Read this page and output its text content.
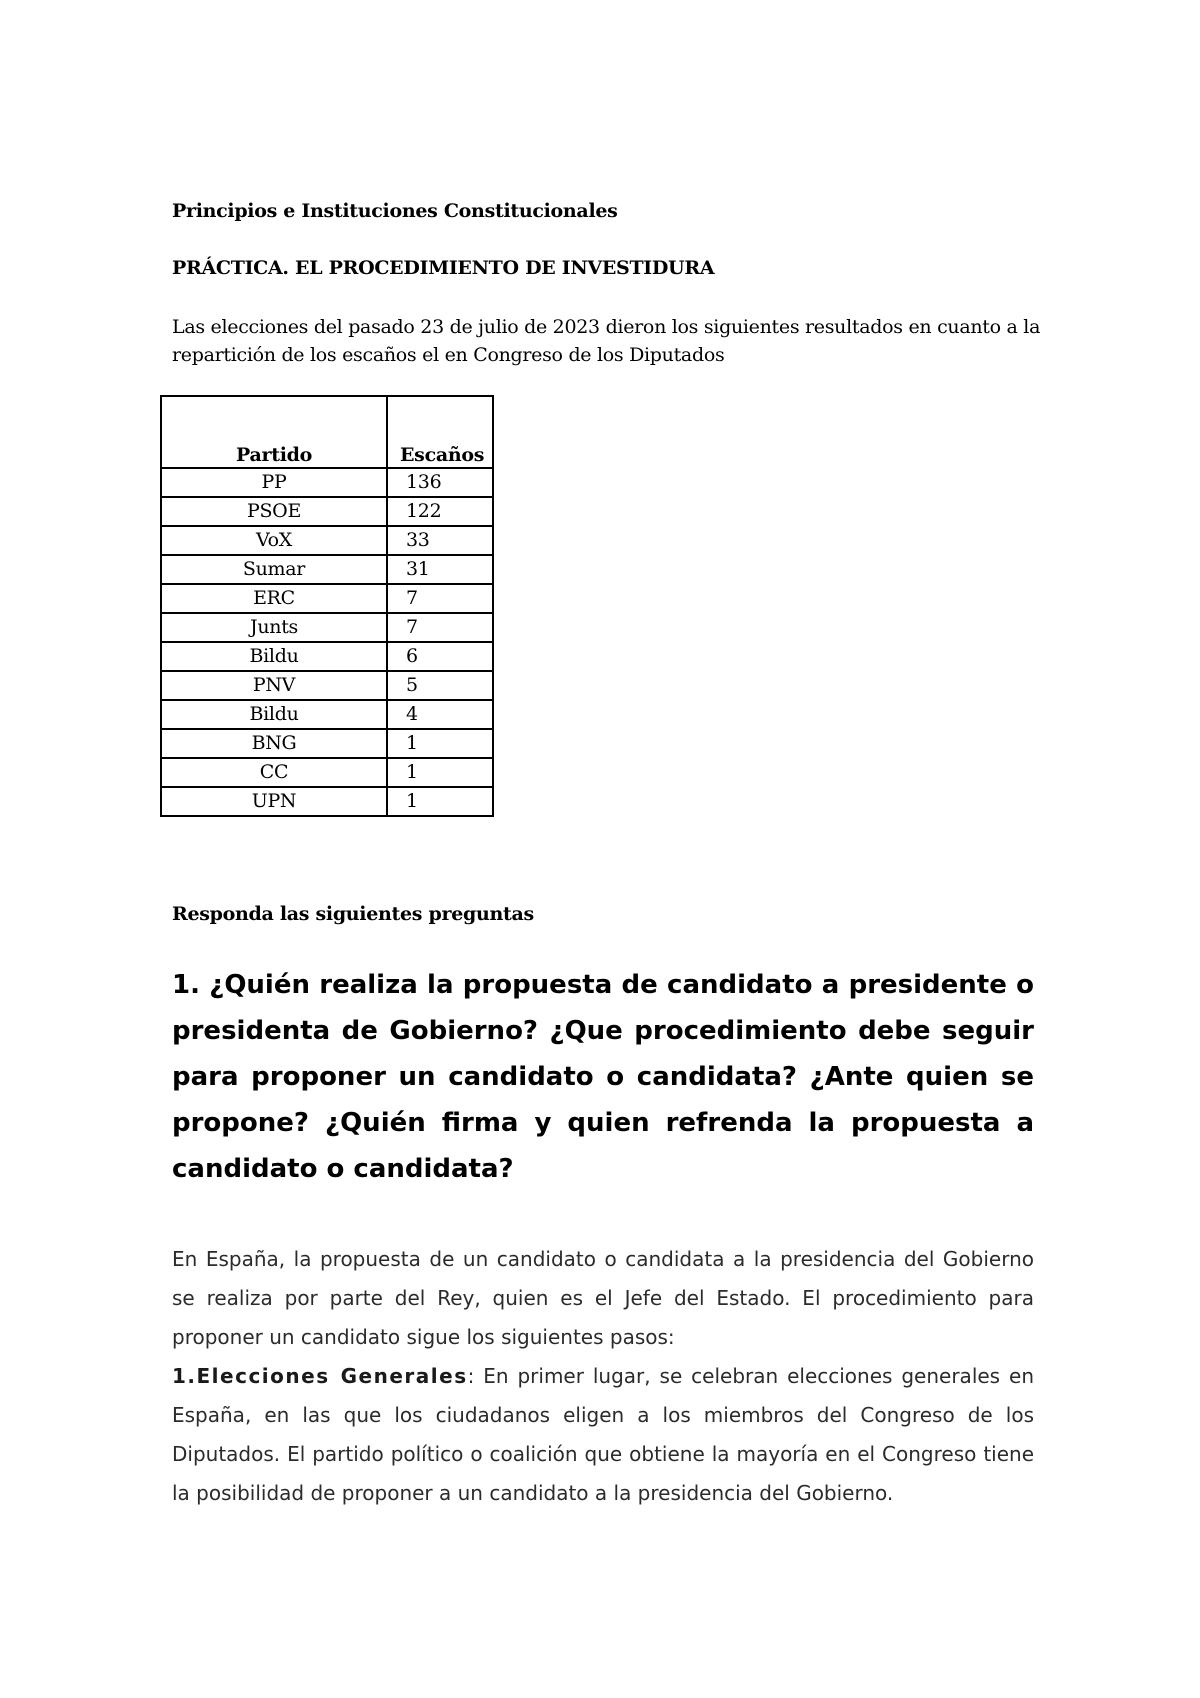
Principios e Instituciones Constitucionales

PRÁCTICA. EL PROCEDIMIENTO DE INVESTIDURA

Las elecciones del pasado 23 de julio de 2023 dieron los siguientes resultados en cuanto a la repartición de los escaños el en Congreso de los Diputados

Partido	Escaños
PP	136
PSOE	122
VoX	33
Sumar	31
ERC	7
Junts	7
Bildu	6
PNV	5
Bildu	4
BNG	1
CC	1
UPN	1

Responda las siguientes preguntas

1. ¿Quién realiza la propuesta de candidato a presidente o presidenta de Gobierno? ¿Que procedimiento debe seguir para proponer un candidato o candidata? ¿Ante quien se propone? ¿Quién firma y quien refrenda la propuesta a candidato o candidata?

En España, la propuesta de un candidato o candidata a la presidencia del Gobierno se realiza por parte del Rey, quien es el Jefe del Estado. El procedimiento para proponer un candidato sigue los siguientes pasos:

1.Elecciones Generales: En primer lugar, se celebran elecciones generales en España, en las que los ciudadanos eligen a los miembros del Congreso de los Diputados. El partido político o coalición que obtiene la mayoría en el Congreso tiene la posibilidad de proponer a un candidato a la presidencia del Gobierno.
